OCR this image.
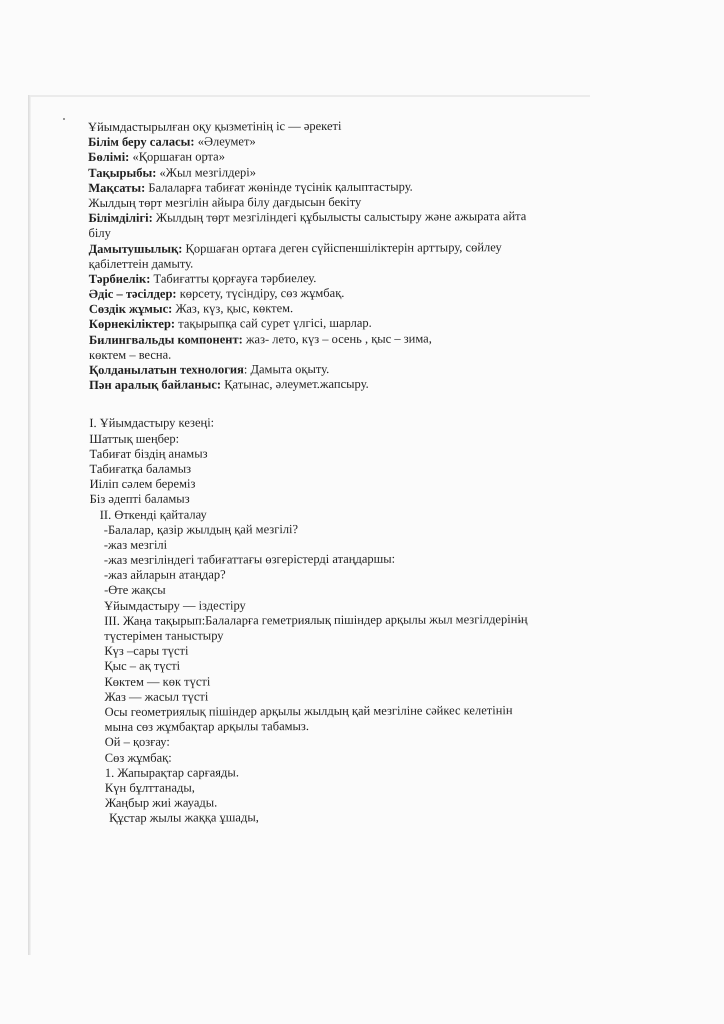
Ұйымдастырылған оқу қызметінің іс — әрекеті
Білім беру саласы: «Әлеумет»
Бөлімі: «Қоршаған орта»
Тақырыбы: «Жыл мезгілдері»
Мақсаты: Балаларға табиғат жөнінде түсінік қалыптастыру.
Жылдың төрт мезгілін айыра білу дағдысын бекіту
Білімділігі: Жылдың төрт мезгіліндегі құбылысты салыстыру және ажырата айта
білу
Дамытушылық: Қоршаған ортаға деген сүйіспеншіліктерін арттыру, сөйлеу
қабілеттеін дамыту.
Тәрбиелік: Табиғатты қорғауға тәрбиелеу.
Әдіс – тәсілдер: көрсету, түсіндіру, сөз жұмбақ.
Сөздік жұмыс: Жаз, күз, қыс, көктем.
Көрнекіліктер: тақырыпқа сай сурет үлгісі, шарлар.
Билингвальды компонент: жаз- лето, күз – осень , қыс – зима,
көктем – весна.
Қолданылатын технология: Дамыта оқыту.
Пән аралық байланыс: Қатынас, әлеумет.жапсыру.
І. Ұйымдастыру кезеңі:
Шаттық шеңбер:
Табиғат біздің анамыз
Табиғатқа баламыз
Иіліп сәлем береміз
Біз әдепті баламыз
ІІ. Өткенді қайталау
-Балалар, қазір жылдың қай мезгілі?
-жаз мезгілі
-жаз мезгіліндегі табиғаттағы өзгерістерді атаңдаршы:
-жаз айларын атаңдар?
-Өте жақсы
Ұйымдастыру — іздестіру
ІІІ. Жаңа тақырып:Балаларға гeметриялық пішіндер арқылы жыл мезгілдерінің
түстерімен таныстыру
Күз –сары түсті
Қыс – ақ түсті
Көктем — көк түсті
Жаз — жасыл түсті
Осы геометриялық пішіндер арқылы жылдың қай мезгіліне сәйкес келетінін
мына сөз жұмбақтар арқылы табамыз.
Ой – қозғау:
Сөз жұмбақ:
1. Жапырақтар сарғаяды.
Күн бұлттанады,
Жаңбыр жиі жауады.
Құстар жылы жаққа ұшады,
